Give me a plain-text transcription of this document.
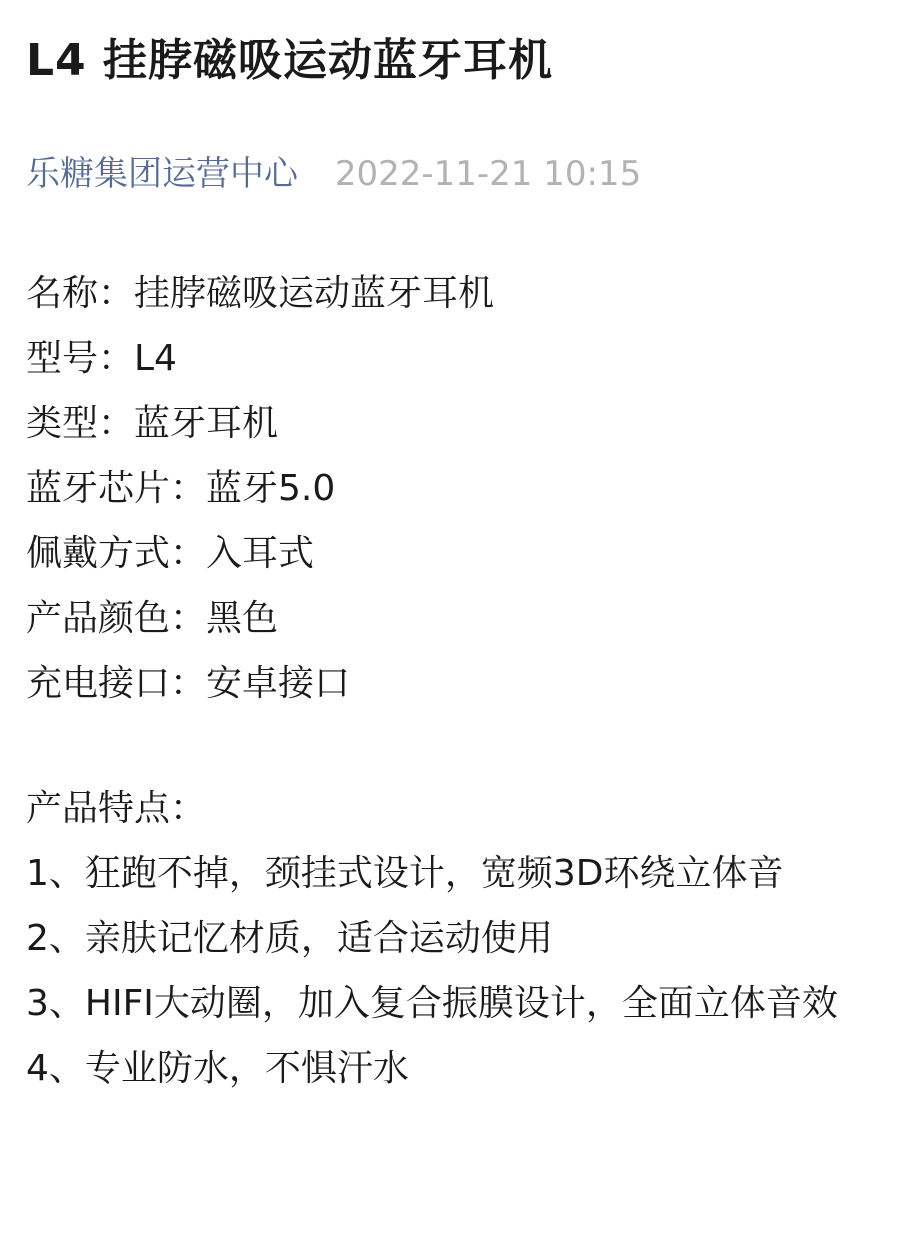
L4 挂脖磁吸运动蓝牙耳机
乐糖集团运营中心 2022-11-21 10:15
名称：挂脖磁吸运动蓝牙耳机
型号：L4
类型：蓝牙耳机
蓝牙芯片：蓝牙5.0
佩戴方式：入耳式
产品颜色：黑色
充电接口：安卓接口
产品特点：
1、狂跑不掉，颈挂式设计，宽频3D环绕立体音
2、亲肤记忆材质，适合运动使用
3、HIFI大动圈，加入复合振膜设计，全面立体音效
4、专业防水，不惧汗水
